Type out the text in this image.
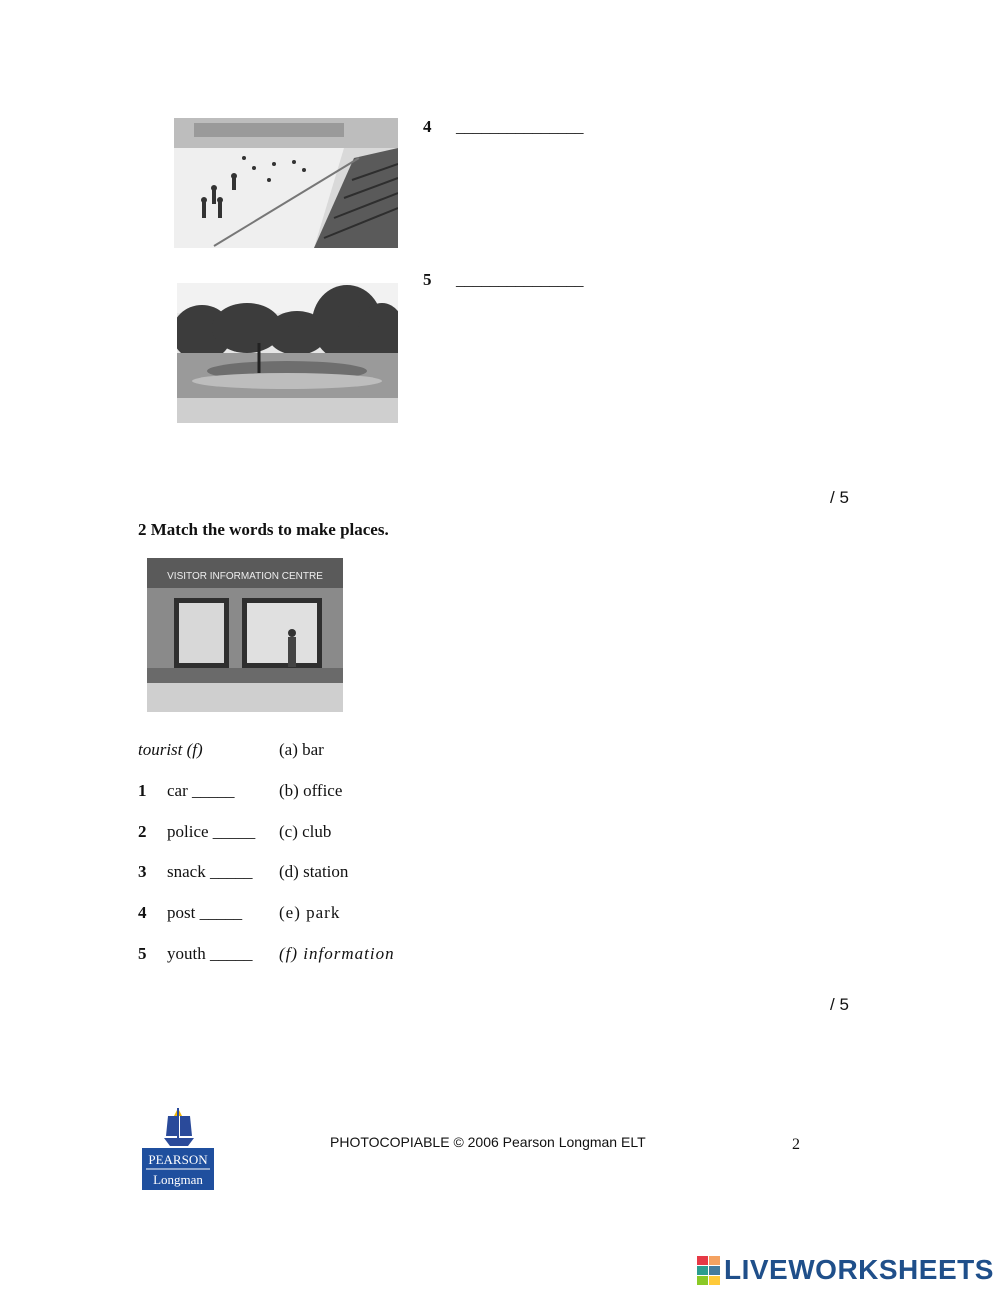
4 _______________
5 _______________
/ 5
2 Match the words to make places.
VISITOR INFORMATION CENTRE
tourist (f)	(a) bar
1 car _____	(b) office
2 police _____ (c) club
3 snack _____ (d) station
4 post _____ (e) park
5 youth _____ (f) information
/ 5
PEARSON
Longman
PHOTOCOPIABLE © 2006 Pearson Longman ELT	2
LIVEWORKSHEETS
